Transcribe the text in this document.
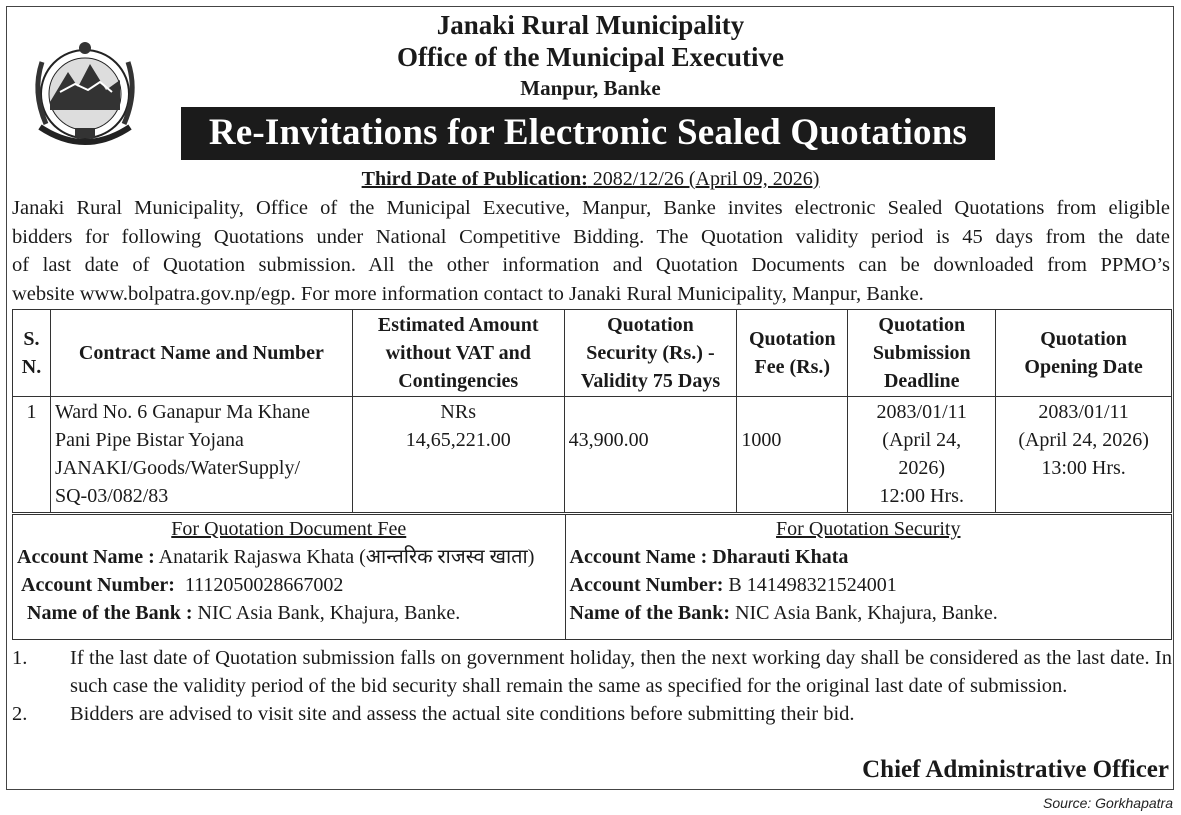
Janaki Rural Municipality
Office of the Municipal Executive
Manpur, Banke
Re-Invitations for Electronic Sealed Quotations
Third Date of Publication: 2082/12/26 (April 09, 2026)
Janaki Rural Municipality, Office of the Municipal Executive, Manpur, Banke invites electronic Sealed Quotations from eligible
bidders for following Quotations under National Competitive Bidding. The Quotation validity period is 45 days from the date
of last date of Quotation submission. All the other information and Quotation Documents can be downloaded from PPMO’s
website www.bolpatra.gov.np/egp. For more information contact to Janaki Rural Municipality, Manpur, Banke.
S.
N.	Contract Name and Number	Estimated Amount
without VAT and
Contingencies	Quotation
Security (Rs.) -
Validity 75 Days	Quotation
Fee (Rs.)	Quotation
Submission
Deadline	Quotation
Opening Date
1	Ward No. 6 Ganapur Ma Khane
Pani Pipe Bistar Yojana
JANAKI/Goods/WaterSupply/
SQ-03/082/83	NRs
14,65,221.00	43,900.00	1000	2083/01/11
(April 24,
2026)
12:00 Hrs.	2083/01/11
(April 24, 2026)
13:00 Hrs.
For Quotation Document Fee
Account Name : Anatarik Rajaswa Khata (आन्तरिक राजस्व खाता)
Account Number:  1112050028667002
Name of the Bank : NIC Asia Bank, Khajura, Banke.

For Quotation Security
Account Name : Dharauti Khata
Account Number: B 141498321524001
Name of the Bank: NIC Asia Bank, Khajura, Banke.
1. If the last date of Quotation submission falls on government holiday, then the next working day shall be considered as the last date. In such case the validity period of the bid security shall remain the same as specified for the original last date of submission.
2. Bidders are advised to visit site and assess the actual site conditions before submitting their bid.
Chief Administrative Officer
Source: Gorkhapatra
